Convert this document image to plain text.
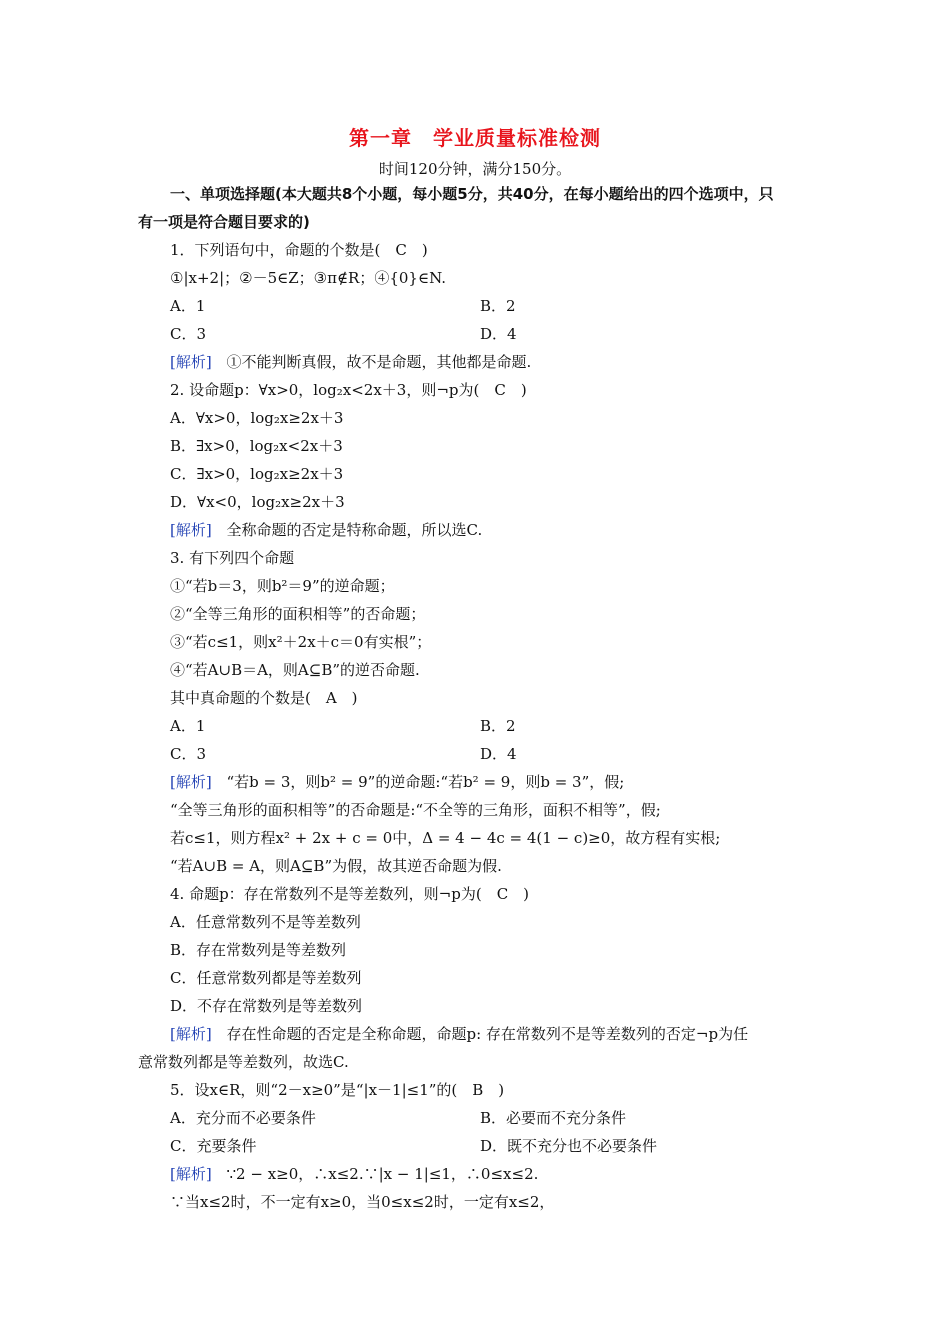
第一章　学业质量标准检测
时间120分钟，满分150分。
一、单项选择题(本大题共8个小题，每小题5分，共40分，在每小题给出的四个选项中，只
有一项是符合题目要求的)
1．下列语句中，命题的个数是(　C　)
①|x+2|；②－5∈Z；③π∉R；④{0}∈N.
A．1	B．2
C．3	D．4
[解析] ①不能判断真假，故不是命题，其他都是命题.
2. 设命题p：∀x>0，log₂x<2x＋3，则¬p为(　C　)
A．∀x>0，log₂x≥2x＋3
B．∃x>0，log₂x<2x＋3
C．∃x>0，log₂x≥2x＋3
D．∀x<0，log₂x≥2x＋3
[解析] 全称命题的否定是特称命题，所以选C.
3. 有下列四个命题
①“若b＝3，则b²＝9”的逆命题；
②“全等三角形的面积相等”的否命题；
③“若c≤1，则x²＋2x＋c＝0有实根”；
④“若A∪B＝A，则A⊆B”的逆否命题.
其中真命题的个数是(　A　)
A．1	B．2
C．3	D．4
[解析] “若b = 3，则b² = 9”的逆命题:“若b² = 9，则b = 3”，假;
“全等三角形的面积相等”的否命题是:“不全等的三角形，面积不相等”，假;
若c≤1，则方程x² + 2x + c = 0中，Δ = 4 − 4c = 4(1 − c)≥0，故方程有实根;
“若A∪B = A，则A⊆B”为假，故其逆否命题为假.
4. 命题p：存在常数列不是等差数列，则¬p为(　C　)
A．任意常数列不是等差数列
B．存在常数列是等差数列
C．任意常数列都是等差数列
D．不存在常数列是等差数列
[解析] 存在性命题的否定是全称命题，命题p: 存在常数列不是等差数列的否定¬p为任
意常数列都是等差数列，故选C.
5．设x∈R，则“2－x≥0”是“|x－1|≤1”的(　B　)
A．充分而不必要条件	B．必要而不充分条件
C．充要条件	D．既不充分也不必要条件
[解析] ∵2 − x≥0，∴x≤2.∵|x − 1|≤1，∴0≤x≤2.
∵当x≤2时，不一定有x≥0，当0≤x≤2时，一定有x≤2，
